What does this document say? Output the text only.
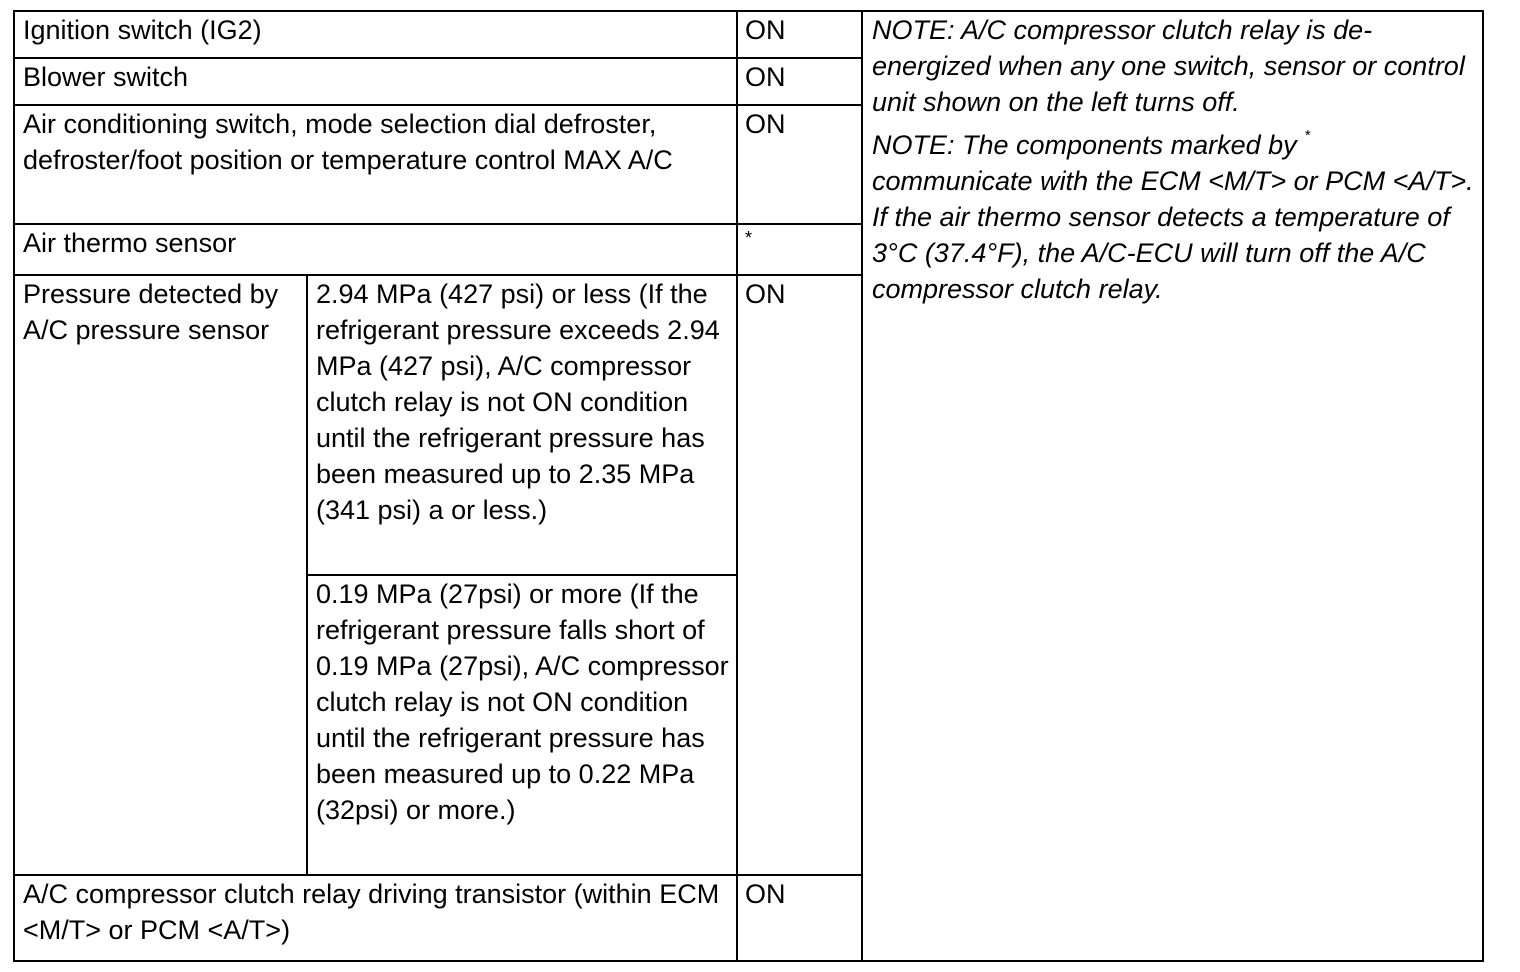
Ignition switch (IG2)		ON	NOTE: A/C compressor clutch relay is de-energized when any one switch, sensor or control unit shown on the left turns off.

NOTE: The components marked by * communicate with the ECM <M/T> or PCM <A/T>. If the air thermo sensor detects a temperature of 3°C (37.4°F), the A/C-ECU will turn off the A/C compressor clutch relay.

Blower switch		ON	
Air conditioning switch, mode selection dial defroster, defroster/foot position or temperature control MAX A/C		ON	
Air thermo sensor		*	
Pressure detected by A/C pressure sensor	2.94 MPa (427 psi) or less (If the refrigerant pressure exceeds 2.94 MPa (427 psi), A/C compressor clutch relay is not ON condition until the refrigerant pressure has been measured up to 2.35 MPa (341 psi) a or less.)	ON	
	0.19 MPa (27psi) or more (If the refrigerant pressure falls short of 0.19 MPa (27psi), A/C compressor clutch relay is not ON condition until the refrigerant pressure has been measured up to 0.22 MPa (32psi) or more.)		
A/C compressor clutch relay driving transistor (within ECM <M/T> or PCM <A/T>)		ON	
